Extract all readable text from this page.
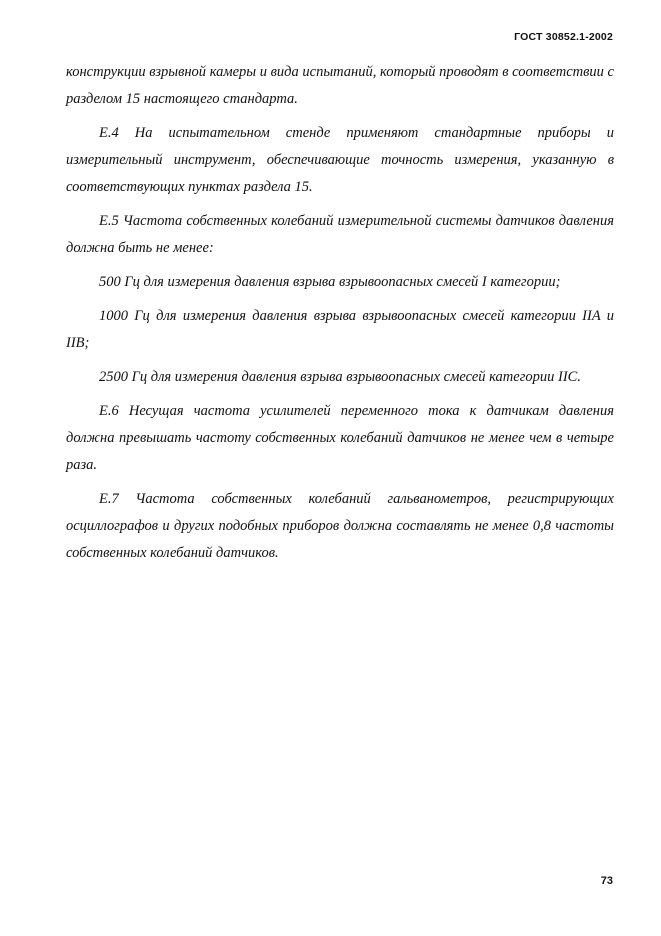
ГОСТ 30852.1-2002

конструкции взрывной камеры и вида испытаний, который проводят в соответствии с разделом 15 настоящего стандарта.

Е.4 На испытательном стенде применяют стандартные приборы и измерительный инструмент, обеспечивающие точность измерения, указанную в соответствующих пунктах раздела 15.

Е.5 Частота собственных колебаний измерительной системы датчиков давления должна быть не менее:

500 Гц для измерения давления взрыва взрывоопасных смесей I категории;

1000 Гц для измерения давления взрыва взрывоопасных смесей категории IIA и IIB;

2500 Гц для измерения давления взрыва взрывоопасных смесей категории IIC.

Е.6 Несущая частота усилителей переменного тока к датчикам давления должна превышать частоту собственных колебаний датчиков не менее чем в четыре раза.

Е.7 Частота собственных колебаний гальванометров, регистрирующих осциллографов и других подобных приборов должна составлять не менее 0,8 частоты собственных колебаний датчиков.

73
